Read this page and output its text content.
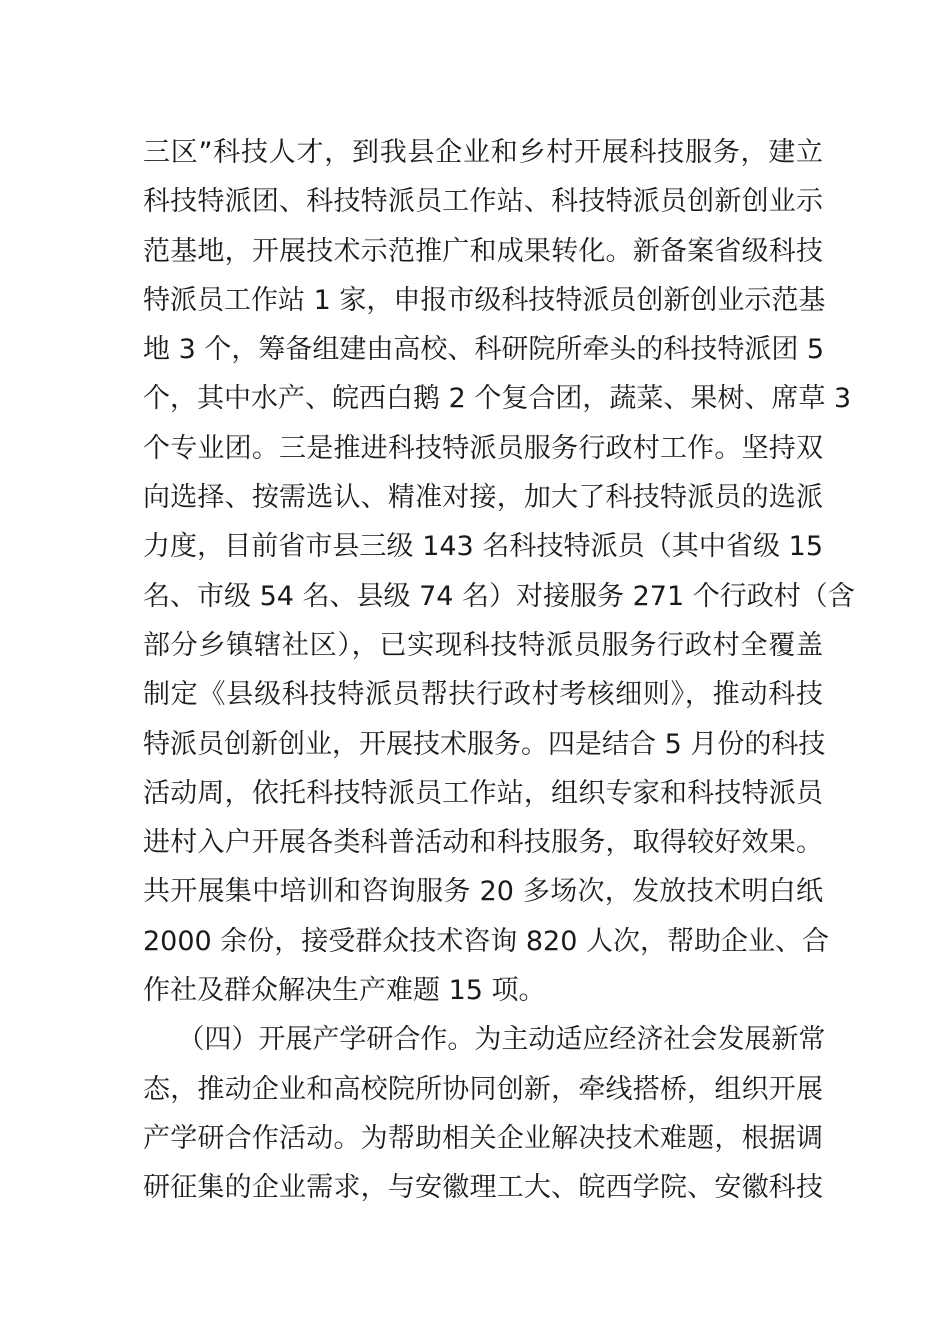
三区”科技人才，到我县企业和乡村开展科技服务，建立
科技特派团、科技特派员工作站、科技特派员创新创业示
范基地，开展技术示范推广和成果转化。新备案省级科技
特派员工作站 1 家，申报市级科技特派员创新创业示范基
地 3 个，筹备组建由高校、科研院所牵头的科技特派团 5
个，其中水产、皖西白鹅 2 个复合团，蔬菜、果树、席草 3
个专业团。三是推进科技特派员服务行政村工作。坚持双
向选择、按需选认、精准对接，加大了科技特派员的选派
力度，目前省市县三级 143 名科技特派员（其中省级 15
名、市级 54 名、县级 74 名）对接服务 271 个行政村（含
部分乡镇辖社区），已实现科技特派员服务行政村全覆盖
制定《县级科技特派员帮扶行政村考核细则》，推动科技
特派员创新创业，开展技术服务。四是结合 5 月份的科技
活动周，依托科技特派员工作站，组织专家和科技特派员
进村入户开展各类科普活动和科技服务，取得较好效果。
共开展集中培训和咨询服务 20 多场次，发放技术明白纸
2000 余份，接受群众技术咨询 820 人次，帮助企业、合
作社及群众解决生产难题 15 项。
（四）开展产学研合作。为主动适应经济社会发展新常
态，推动企业和高校院所协同创新，牵线搭桥，组织开展
产学研合作活动。为帮助相关企业解决技术难题，根据调
研征集的企业需求，与安徽理工大、皖西学院、安徽科技
